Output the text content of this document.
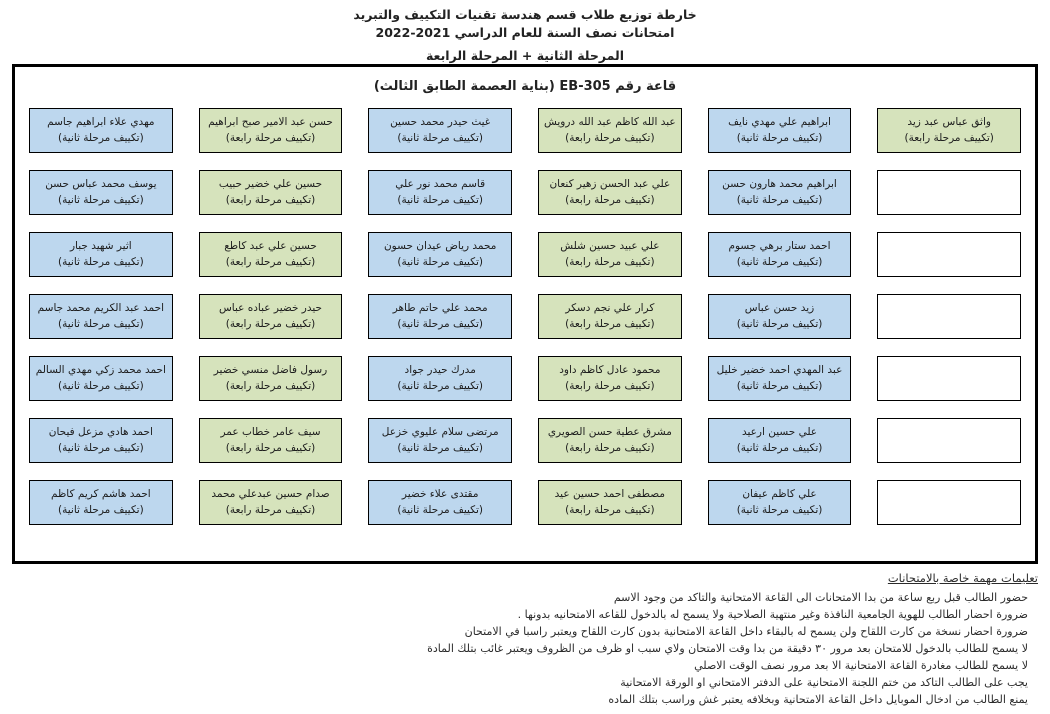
خارطة توزيع طلاب قسم هندسة تقنيات التكييف والتبريد
امتحانات نصف السنة للعام الدراسي 2021-2022
المرحلة الثانية + المرحلة الرابعة
قاعة رقم EB-305 (بناية العصمة الطابق الثالث)
واثق عباس عبد زيد
(تكييف مرحلة رابعة)
ابراهيم علي مهدي نايف
(تكييف مرحلة ثانية)
عبد الله كاظم عبد الله درويش
(تكييف مرحلة رابعة)
غيث حيدر محمد حسين
(تكييف مرحلة ثانية)
حسن عبد الامير صبح ابراهيم
(تكييف مرحلة رابعة)
مهدي علاء ابراهيم جاسم
(تكييف مرحلة ثانية)
ابراهيم محمد هارون حسن
(تكييف مرحلة ثانية)
علي عبد الحسن زهير كنعان
(تكييف مرحلة رابعة)
قاسم محمد نور علي
(تكييف مرحلة ثانية)
حسين علي خضير حبيب
(تكييف مرحلة رابعة)
يوسف محمد عباس حسن
(تكييف مرحلة ثانية)
احمد ستار برهي جسوم
(تكييف مرحلة ثانية)
علي عبيد حسين شلش
(تكييف مرحلة رابعة)
محمد رياض عيدان حسون
(تكييف مرحلة ثانية)
حسين علي عبد كاطع
(تكييف مرحلة رابعة)
اثير شهيد جبار
(تكييف مرحلة ثانية)
زيد حسن عباس
(تكييف مرحلة ثانية)
كرار علي نجم دسكر
(تكييف مرحلة رابعة)
محمد علي حاتم طاهر
(تكييف مرحلة ثانية)
حيدر خضير عباده عباس
(تكييف مرحلة رابعة)
احمد عبد الكريم محمد جاسم
(تكييف مرحلة ثانية)
عبد المهدي احمد خضير خليل
(تكييف مرحلة ثانية)
محمود عادل كاظم داود
(تكييف مرحلة رابعة)
مدرك حيدر جواد
(تكييف مرحلة ثانية)
رسول فاضل منسي خضير
(تكييف مرحلة رابعة)
احمد محمد زكي مهدي السالم
(تكييف مرحلة ثانية)
علي حسين ارعيد
(تكييف مرحلة ثانية)
مشرق عطية حسن الصويري
(تكييف مرحلة رابعة)
مرتضى سلام عليوي خزعل
(تكييف مرحلة ثانية)
سيف عامر خطاب عمر
(تكييف مرحلة رابعة)
احمد هادي مزعل فيحان
(تكييف مرحلة ثانية)
علي كاظم عيفان
(تكييف مرحلة ثانية)
مصطفى احمد حسين عيد
(تكييف مرحلة رابعة)
مقتدى علاء خضير
(تكييف مرحلة ثانية)
صدام حسين عبدعلي محمد
(تكييف مرحلة رابعة)
احمد هاشم كريم كاظم
(تكييف مرحلة ثانية)
تعليمات مهمة خاصة بالامتحانات
حضور الطالب قبل ربع ساعة من بدا الامتحانات الى القاعة الامتحانية والتاكد من وجود الاسم
ضرورة احضار الطالب للهوية الجامعية النافذة وغير منتهية الصلاحية ولا يسمح له بالدخول للقاعه الامتحانيه بدونها .
ضرورة احضار نسخة من كارت اللقاح ولن يسمح له بالبقاء داخل القاعة الامتحانية بدون كارت اللقاح ويعتبر راسبا في الامتحان
لا يسمح للطالب بالدخول للامتحان بعد مرور ٣٠ دقيقة من بدا وقت الامتحان ولاي سبب او ظرف من الظروف ويعتبر غائب بتلك المادة
لا يسمح للطالب مغادرة القاعة الامتحانية الا بعد مرور نصف الوقت الاصلي
يجب على الطالب التاكد من ختم اللجنة الامتحانية على الدفتر الامتحاني او الورقة الامتحانية
يمنع الطالب من ادخال الموبايل داخل القاعة الامتحانية وبخلافه يعتبر غش وراسب بتلك الماده
